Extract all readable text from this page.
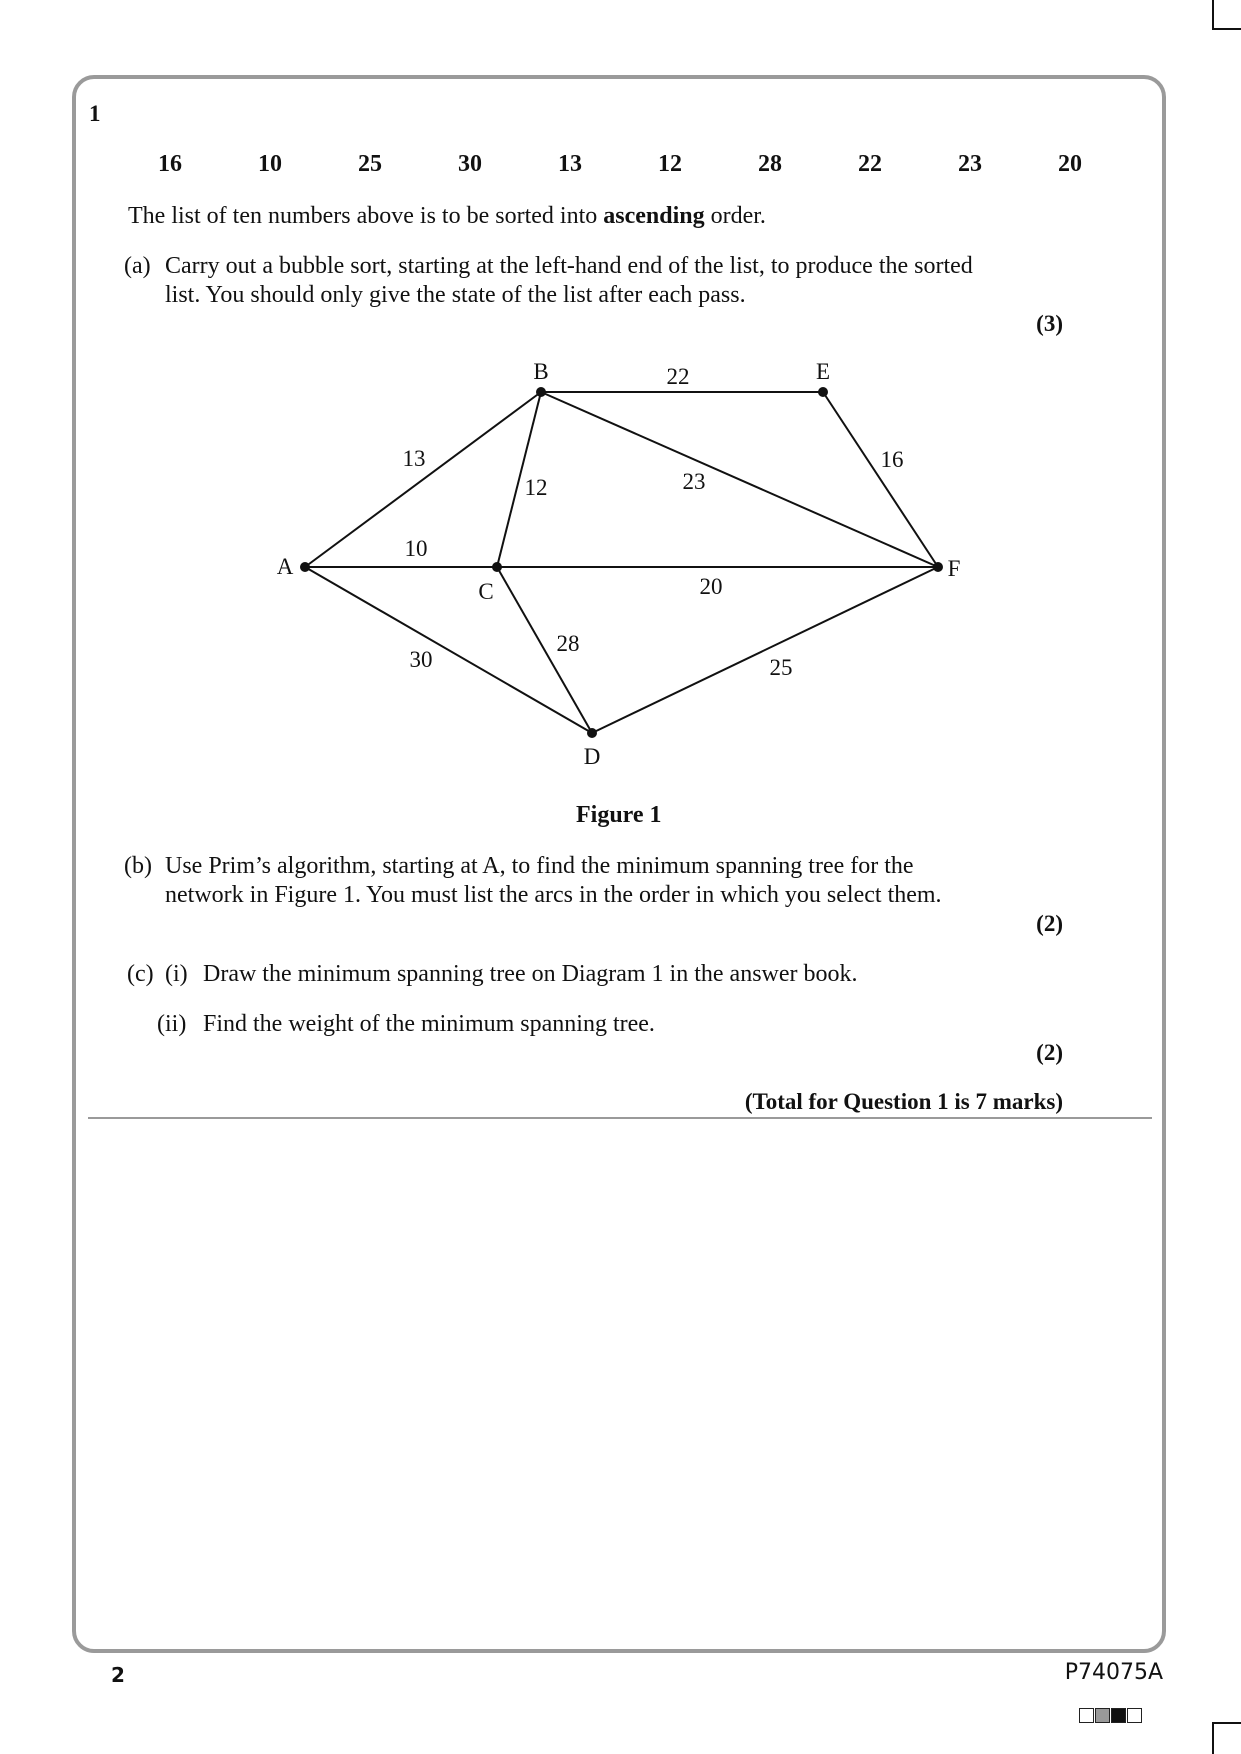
1
16	10	25	30	13	12	28	22	23	20
The list of ten numbers above is to be sorted into ascending order.
(a) Carry out a bubble sort, starting at the left-hand end of the list, to produce the sorted
list. You should only give the state of the list after each pass.
(3)
13
10
30
12
22
23
20
28
25
16
A
B
C
D
E
F
Figure 1
(b) Use Prim’s algorithm, starting at A, to find the minimum spanning tree for the
network in Figure 1. You must list the arcs in the order in which you select them.
(2)
(c) (i) Draw the minimum spanning tree on Diagram 1 in the answer book.
(ii) Find the weight of the minimum spanning tree.
(2)
(Total for Question 1 is 7 marks)
2	P74075A
